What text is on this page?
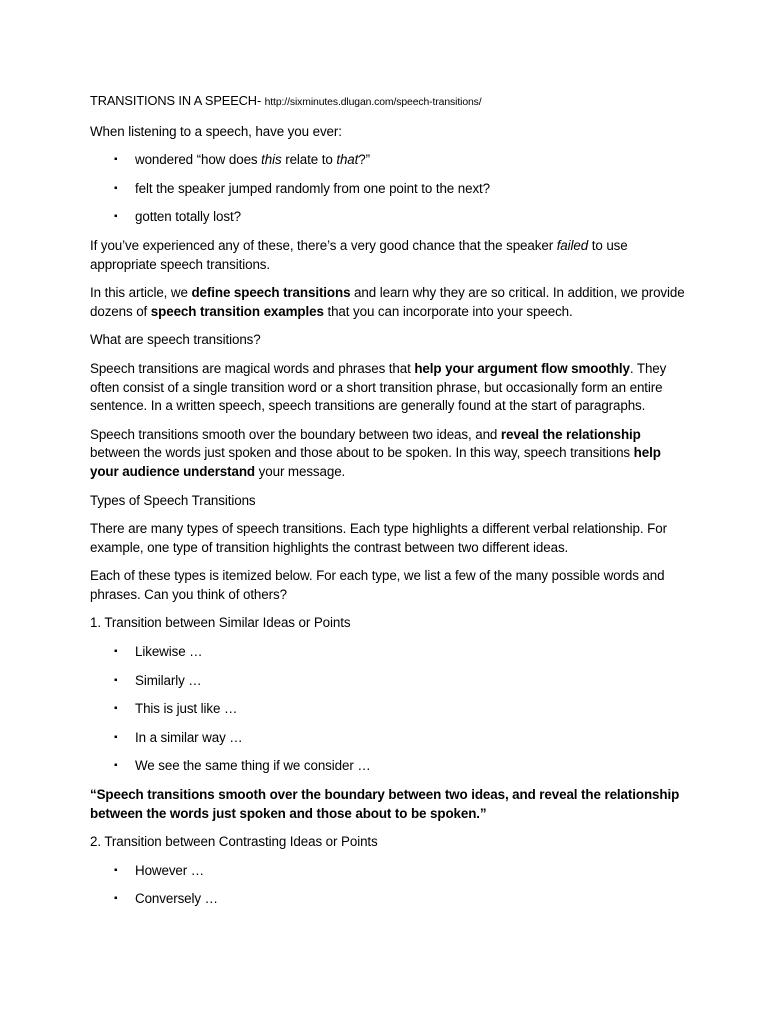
TRANSITIONS IN A SPEECH- http://sixminutes.dlugan.com/speech-transitions/

When listening to a speech, have you ever:

▪ wondered “how does this relate to that?”
▪ felt the speaker jumped randomly from one point to the next?
▪ gotten totally lost?

If you’ve experienced any of these, there’s a very good chance that the speaker failed to use appropriate speech transitions.

In this article, we define speech transitions and learn why they are so critical. In addition, we provide dozens of speech transition examples that you can incorporate into your speech.

What are speech transitions?

Speech transitions are magical words and phrases that help your argument flow smoothly. They often consist of a single transition word or a short transition phrase, but occasionally form an entire sentence. In a written speech, speech transitions are generally found at the start of paragraphs.

Speech transitions smooth over the boundary between two ideas, and reveal the relationship between the words just spoken and those about to be spoken. In this way, speech transitions help your audience understand your message.

Types of Speech Transitions

There are many types of speech transitions. Each type highlights a different verbal relationship. For example, one type of transition highlights the contrast between two different ideas.

Each of these types is itemized below. For each type, we list a few of the many possible words and phrases. Can you think of others?

1. Transition between Similar Ideas or Points

▪ Likewise …
▪ Similarly …
▪ This is just like …
▪ In a similar way …
▪ We see the same thing if we consider …

“Speech transitions smooth over the boundary between two ideas, and reveal the relationship between the words just spoken and those about to be spoken.”

2. Transition between Contrasting Ideas or Points

▪ However …
▪ Conversely …
